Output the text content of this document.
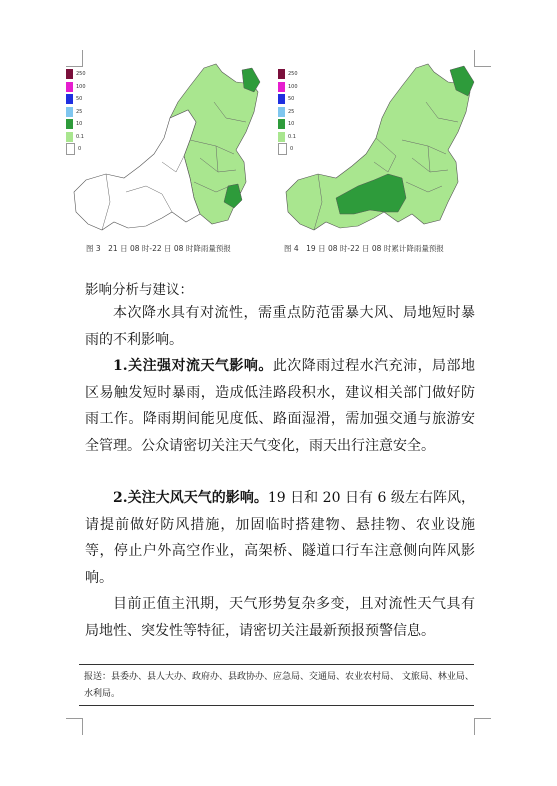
250
100
50
25
10
0.1
0
250
100
50
25
10
0.1
0
图 3　21 日 08 时-22 日 08 时降雨量预报	图 4　19 日 08 时-22 日 08 时累计降雨量预报
影响分析与建议：

本次降水具有对流性，需重点防范雷暴大风、局地短时暴雨的不利影响。

1.关注强对流天气影响。此次降雨过程水汽充沛，局部地区易触发短时暴雨，造成低洼路段积水，建议相关部门做好防雨工作。降雨期间能见度低、路面湿滑，需加强交通与旅游安全管理。公众请密切关注天气变化，雨天出行注意安全。

2.关注大风天气的影响。19 日和 20 日有 6 级左右阵风，请提前做好防风措施，加固临时搭建物、悬挂物、农业设施等，停止户外高空作业，高架桥、隧道口行车注意侧向阵风影响。

目前正值主汛期，天气形势复杂多变，且对流性天气具有局地性、突发性等特征，请密切关注最新预报预警信息。

报送：县委办、县人大办、政府办、县政协办、应急局、交通局、农业农村局、 文旅局、林业局、水利局。
